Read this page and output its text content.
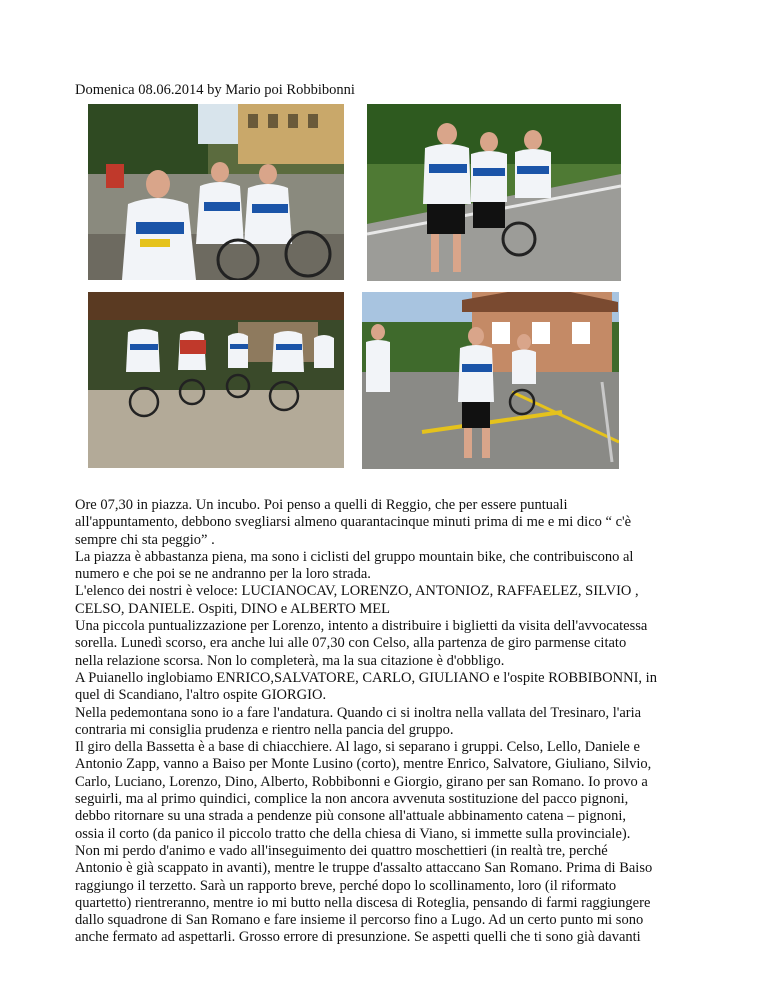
Domenica 08.06.2014 by Mario poi Robbibonni
Ore 07,30 in piazza. Un incubo. Poi penso a quelli di Reggio, che per essere puntuali
all'appuntamento, debbono svegliarsi almeno quarantacinque minuti prima di me e mi dico “ c'è
sempre chi sta peggio” .
La piazza è abbastanza piena, ma sono i ciclisti del gruppo mountain bike, che contribuiscono al
numero e che poi se ne andranno per la loro strada.
L'elenco dei nostri è veloce: LUCIANOCAV, LORENZO, ANTONIOZ, RAFFAELEZ, SILVIO ,
CELSO, DANIELE. Ospiti, DINO e ALBERTO MEL
Una piccola puntualizzazione per Lorenzo, intento a distribuire i biglietti da visita dell'avvocatessa
sorella. Lunedì scorso, era anche lui alle 07,30 con Celso, alla partenza de giro parmense citato
nella relazione scorsa. Non lo completerà, ma la sua citazione è d'obbligo.
A Puianello inglobiamo ENRICO,SALVATORE, CARLO, GIULIANO e l'ospite ROBBIBONNI, in
quel di Scandiano, l'altro ospite GIORGIO.
Nella pedemontana sono io a fare l'andatura. Quando ci si inoltra nella vallata del Tresinaro, l'aria
contraria mi consiglia prudenza e rientro nella pancia del gruppo.
Il giro della Bassetta è a base di chiacchiere. Al lago, si separano i gruppi. Celso, Lello, Daniele e
Antonio Zapp, vanno a Baiso per Monte Lusino (corto), mentre Enrico, Salvatore, Giuliano, Silvio,
Carlo, Luciano, Lorenzo, Dino, Alberto, Robbibonni e Giorgio, girano per san Romano. Io provo a
seguirli, ma al primo quindici, complice la non ancora avvenuta sostituzione del pacco pignoni,
debbo ritornare su una strada a pendenze più consone all'attuale abbinamento catena – pignoni,
ossia il corto (da panico il piccolo tratto che della chiesa di Viano, si immette sulla provinciale).
Non mi perdo d'animo e vado all'inseguimento dei quattro moschettieri (in realtà tre, perché
Antonio è già scappato in avanti), mentre le truppe d'assalto attaccano San Romano. Prima di Baiso
raggiungo il terzetto. Sarà un rapporto breve, perché dopo lo scollinamento, loro (il riformato
quartetto) rientreranno, mentre io mi butto nella discesa di Roteglia, pensando di farmi raggiungere
dallo squadrone di San Romano e fare insieme il percorso fino a Lugo. Ad un certo punto mi sono
anche fermato ad aspettarli. Grosso errore di presunzione. Se aspetti quelli che ti sono già davanti
